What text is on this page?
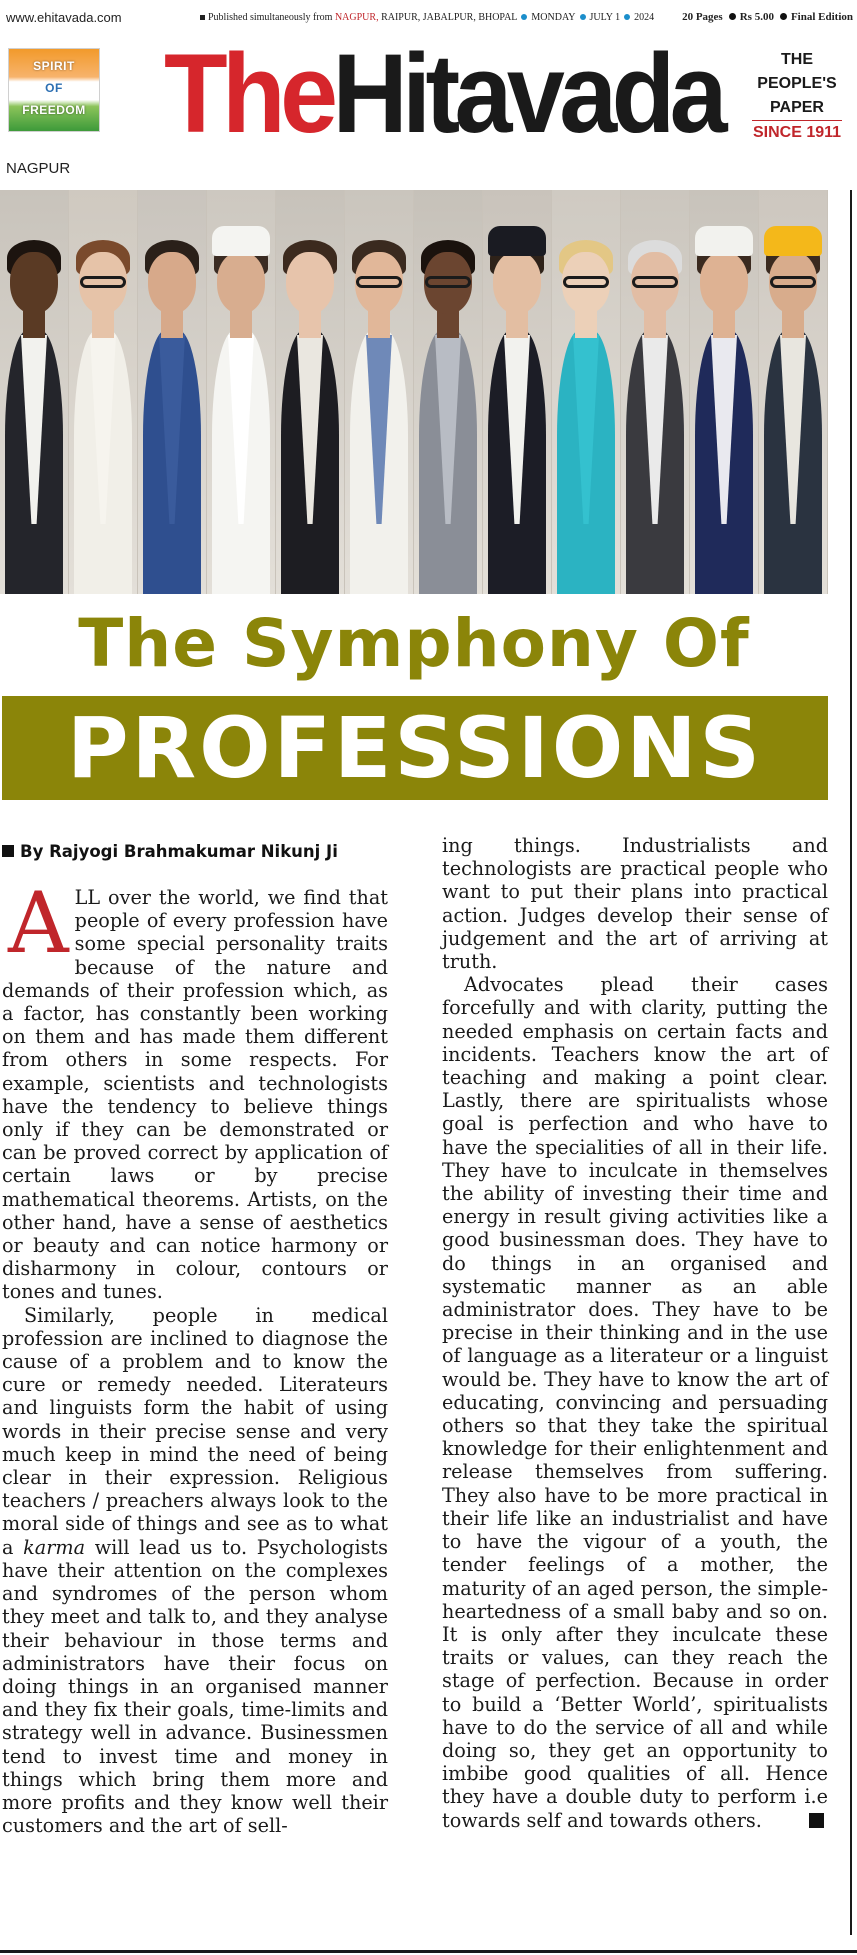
www.ehitavada.com	Published simultaneously from NAGPUR, RAIPUR, JABALPUR, BHOPAL MONDAY JULY 1 2024	20 Pages Rs 5.00 Final Edition
SPIRIT
OF
FREEDOM TheHitavada	THE PEOPLE'S
PAPER
SINCE 1911
NAGPUR
The Symphony Of
PROFESSIONS
By Rajyogi Brahmakumar Nikunj Ji

ALL over the world, we find that people of every profession have some special personality traits because of the nature and demands of their profession which, as a factor, has constantly been working on them and has made them different from others in some respects. For example, scientists and technologists have the tendency to believe things only if they can be demonstrated or can be proved correct by application of certain laws or by precise mathematical theorems. Artists, on the other hand, have a sense of aesthetics or beauty and can notice harmony or disharmony in colour, contours or tones and tunes.

Similarly, people in medical profession are inclined to diagnose the cause of a problem and to know the cure or remedy needed. Literateurs and linguists form the habit of using words in their precise sense and very much keep in mind the need of being clear in their expression. Religious teachers / preachers always look to the moral side of things and see as to what a karma will lead us to. Psychologists have their attention on the complexes and syndromes of the person whom they meet and talk to, and they analyse their behaviour in those terms and administrators have their focus on doing things in an organised manner and they fix their goals, time-limits and strategy well in advance. Businessmen tend to invest time and money in things which bring them more and more profits and they know well their customers and the art of sell-

ing things. Industrialists and technologists are practical people who want to put their plans into practical action. Judges develop their sense of judgement and the art of arriving at truth.

Advocates plead their cases forcefully and with clarity, putting the needed emphasis on certain facts and incidents. Teachers know the art of teaching and making a point clear. Lastly, there are spiritualists whose goal is perfection and who have to have the specialities of all in their life. They have to inculcate in themselves the ability of investing their time and energy in result giving activities like a good businessman does. They have to do things in an organised and systematic manner as an able administrator does. They have to be precise in their thinking and in the use of language as a literateur or a linguist would be. They have to know the art of educating, convincing and persuading others so that they take the spiritual knowledge for their enlightenment and release themselves from suffering. They also have to be more practical in their life like an industrialist and have to have the vigour of a youth, the tender feelings of a mother, the maturity of an aged person, the simple-heartedness of a small baby and so on. It is only after they inculcate these traits or values, can they reach the stage of perfection. Because in order to build a ‘Better World’, spiritualists have to do the service of all and while doing so, they get an opportunity to imbibe good qualities of all. Hence they have a double duty to perform i.e towards self and towards others.
